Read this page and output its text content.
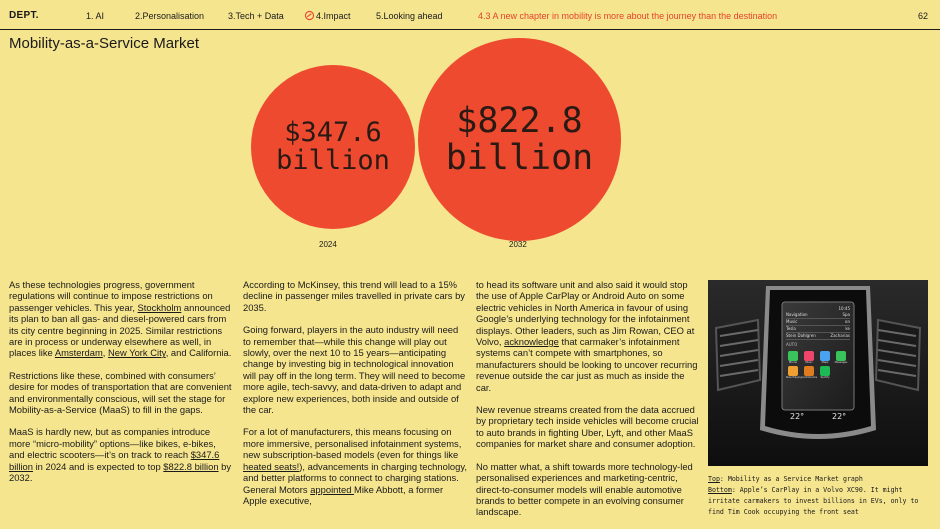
DEPT.	1. AI	2.Personalisation	3.Tech + Data	4.Impact	5.Looking ahead	4.3 A new chapter in mobility is more about the journey than the destination	62
Mobility-as-a-Service Market
$347.6
billion
$822.8
billion
2024	2032

As these technologies progress, government regulations will continue to impose restrictions on passenger vehicles. This year, Stockholm announced its plan to ban all gas- and diesel-powered cars from its city centre beginning in 2025. Similar restrictions are in process or underway elsewhere as well, in places like Amsterdam, New York City, and California.

Restrictions like these, combined with consumers’ desire for modes of transportation that are convenient and environmentally conscious, will set the stage for Mobility-as-a-Service (MaaS) to fill in the gaps.

MaaS is hardly new, but as companies introduce more “micro-mobility” options—like bikes, e-bikes, and electric scooters—it’s on track to reach $347.6 billion in 2024 and is expected to top $822.8 billion by 2032.

According to McKinsey, this trend will lead to a 15% decline in passenger miles travelled in private cars by 2035.

Going forward, players in the auto industry will need to remember that—while this change will play out slowly, over the next 10 to 15 years—anticipating change by investing big in technological innovation will pay off in the long term. They will need to become more agile, tech-savvy, and data-driven to adapt and explore new experiences, both inside and outside of the car.

For a lot of manufacturers, this means focusing on more immersive, personalised infotainment systems, new subscription-based models (even for things like heated seats!), advancements in charging technology, and better platforms to connect to charging stations. General Motors appointed Mike Abbott, a former Apple executive,

to head its software unit and also said it would stop the use of Apple CarPlay or Android Auto on some electric vehicles in North America in favour of using Google’s underlying technology for the infotainment displays. Other leaders, such as Jim Rowan, CEO at Volvo, acknowledge that carmaker’s infotainment systems can’t compete with smartphones, so manufacturers should be looking to uncover recurring revenue outside the car just as much as inside the car.

New revenue streams created from the data accrued by proprietary tech inside vehicles will become crucial to auto brands in fighting Uber, Lyft, and other MaaS companies for market share and consumer adoption.

No matter what, a shift towards more technology-led personalised experiences and marketing-centric, direct-to-consumer models will enable automotive brands to better compete in an evolving consumer landscape.

10:45
Navigation	Spa
Music	on
Tesla	ke
Stein Dahlgren	Zacharias
AUTO
Phone	Music	Maps	Messages
Now Playing Audiobooks	Spotify
22°	22°
Top: Mobility as a Service Market graph
Bottom: Apple’s CarPlay in a Volvo XC90. It might irritate carmakers to invest billions in EVs, only to find Tim Cook occupying the front seat
